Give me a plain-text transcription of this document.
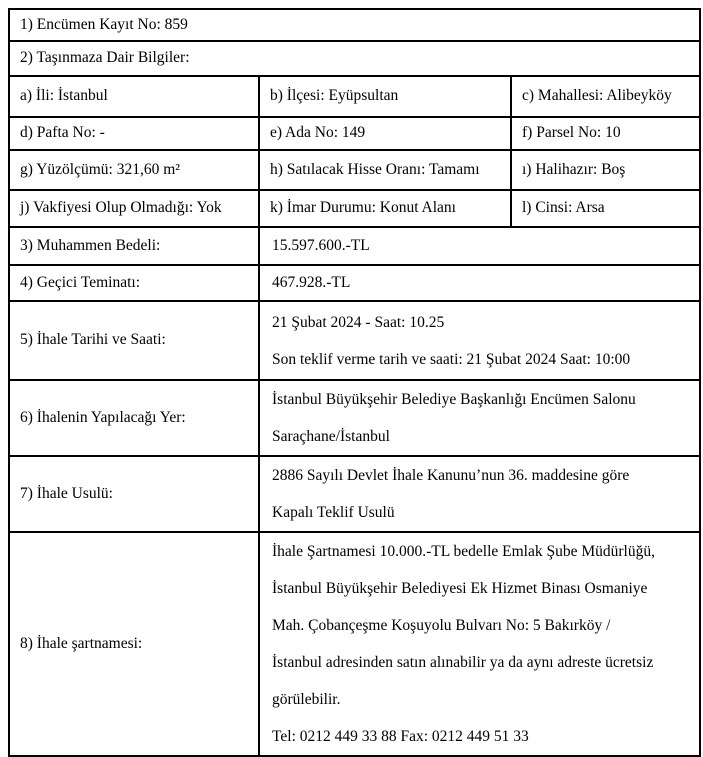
1) Encümen Kayıt No: 859		
2) Taşınmaza Dair Bilgiler:		
a) İli: İstanbul	b) İlçesi: Eyüpsultan	c) Mahallesi: Alibeyköy
d) Pafta No: -	e) Ada No: 149	f) Parsel No: 10
g) Yüzölçümü: 321,60 m²	h) Satılacak Hisse Oranı: Tamamı	ı) Halihazır: Boş
j) Vakfiyesi Olup Olmadığı: Yok	k) İmar Durumu: Konut Alanı	l) Cinsi: Arsa
3) Muhammen Bedeli:	15.597.600.-TL	

4) Geçici Teminatı:	467.928.-TL	

5) İhale Tarihi ve Saati:	21 Şubat 2024 - Saat: 10.25
Son teklif verme tarih ve saati: 21 Şubat 2024 Saat: 10:00	

6) İhalenin Yapılacağı Yer:	İstanbul Büyükşehir Belediye Başkanlığı Encümen Salonu
Saraçhane/İstanbul	

7) İhale Usulü:	2886 Sayılı Devlet İhale Kanunu’nun 36. maddesine göre
Kapalı Teklif Usulü	

8) İhale şartnamesi:	
İhale Şartnamesi 10.000.-TL bedelle Emlak Şube Müdürlüğü,
İstanbul Büyükşehir Belediyesi Ek Hizmet Binası Osmaniye
Mah. Çobançeşme Koşuyolu Bulvarı No: 5 Bakırköy /
İstanbul adresinden satın alınabilir ya da aynı adreste ücretsiz
görülebilir.
Tel: 0212 449 33 88 Fax: 0212 449 51 33
